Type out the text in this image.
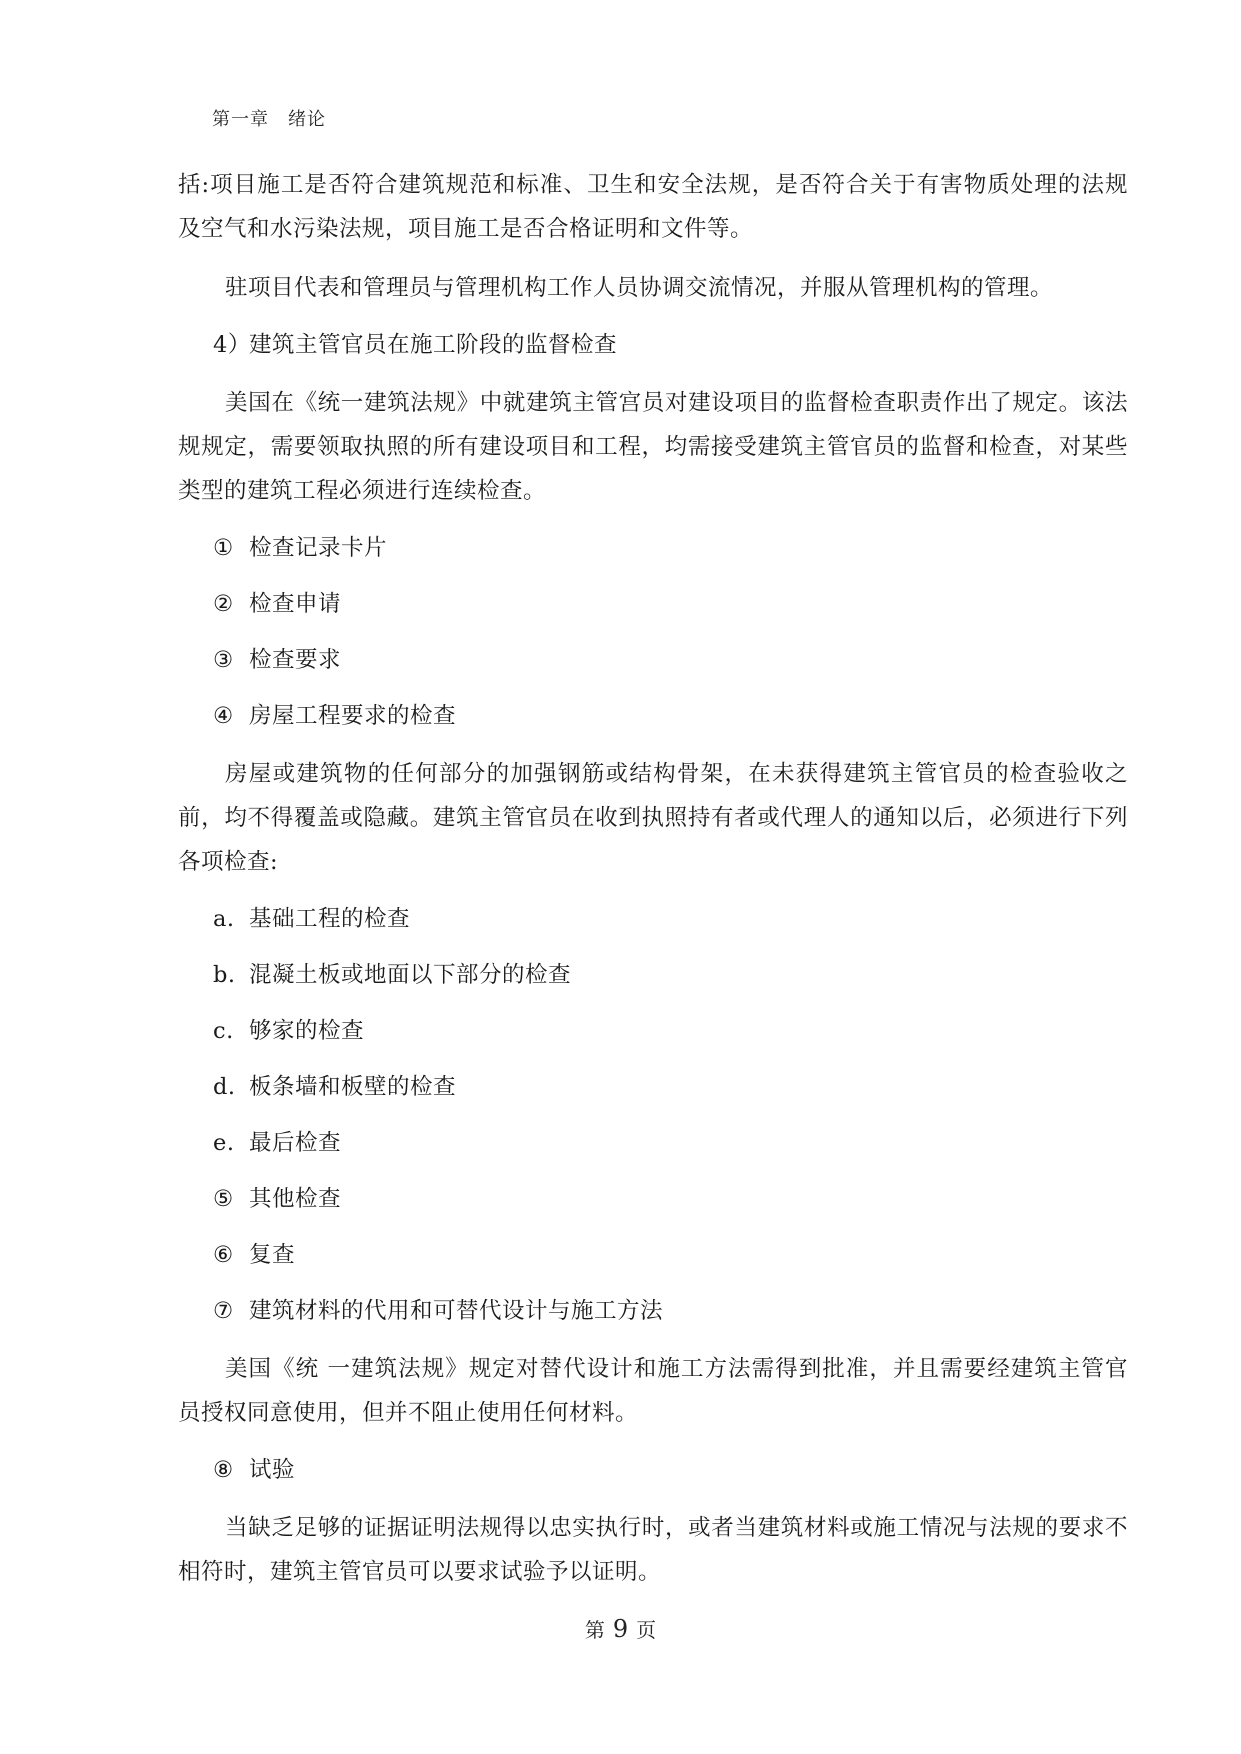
第一章　绪论

括:项目施工是否符合建筑规范和标准、卫生和安全法规，是否符合关于有害物质处理的法规及空气和水污染法规，项目施工是否合格证明和文件等。

驻项目代表和管理员与管理机构工作人员协调交流情况，并服从管理机构的管理。

4）
建筑主管官员在施工阶段的监督检查

美国在《统一建筑法规》中就建筑主管宫员对建设项目的监督检查职责作出了规定。该法规规定，需要领取执照的所有建设项目和工程，均需接受建筑主管官员的监督和检查，对某些类型的建筑工程必须进行连续检查。

① 检查记录卡片
② 检查申请
③ 检查要求
④ 房屋工程要求的检查

房屋或建筑物的任何部分的加强钢筋或结构骨架，在未获得建筑主管官员的检查验收之前，均不得覆盖或隐藏。建筑主管官员在收到执照持有者或代理人的通知以后，必须进行下列各项检查:

a. 基础工程的检查
b. 混凝土板或地面以下部分的检查
c. 够家的检查
d. 板条墙和板壁的检查
e. 最后检查
⑤ 其他检查
⑥ 复查
⑦ 建筑材料的代用和可替代设计与施工方法

美国《统 一建筑法规》规定对替代设计和施工方法需得到批准，并且需要经建筑主管官员授权同意使用，但并不阻止使用任何材料。

⑧ 试验

当缺乏足够的证据证明法规得以忠实执行时，或者当建筑材料或施工情况与法规的要求不相符时，建筑主管官员可以要求试验予以证明。

第 9 页
